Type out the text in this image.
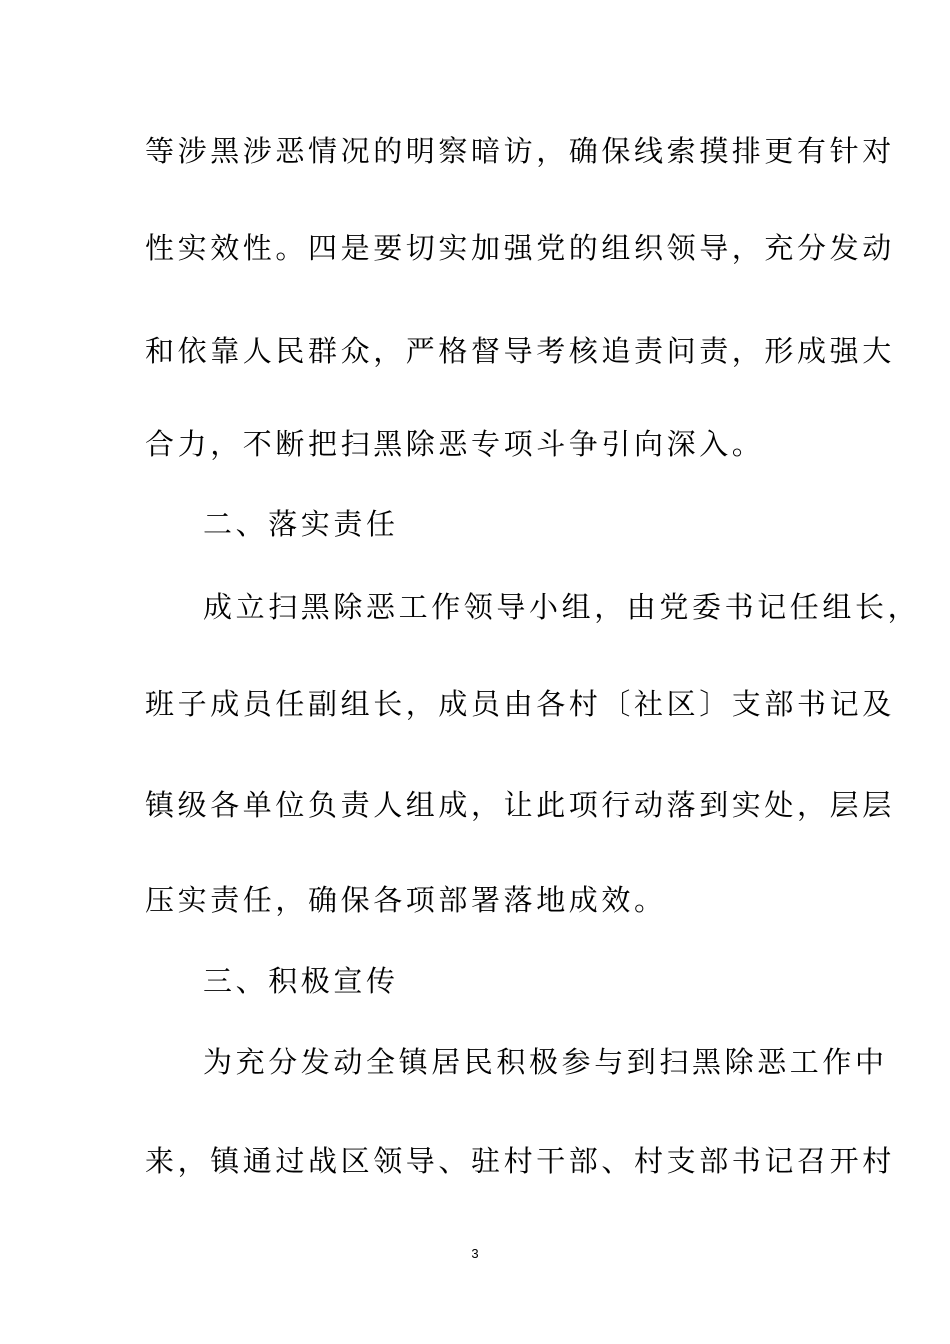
等涉黑涉恶情况的明察暗访，确保线索摸排更有针对

性实效性。四是要切实加强党的组织领导，充分发动

和依靠人民群众，严格督导考核追责问责，形成强大

合力，不断把扫黑除恶专项斗争引向深入。

二、落实责任

成立扫黑除恶工作领导小组，由党委书记任组长，

班子成员任副组长，成员由各村〔社区〕支部书记及

镇级各单位负责人组成，让此项行动落到实处，层层

压实责任，确保各项部署落地成效。

三、积极宣传

为充分发动全镇居民积极参与到扫黑除恶工作中

来，镇通过战区领导、驻村干部、村支部书记召开村

3
